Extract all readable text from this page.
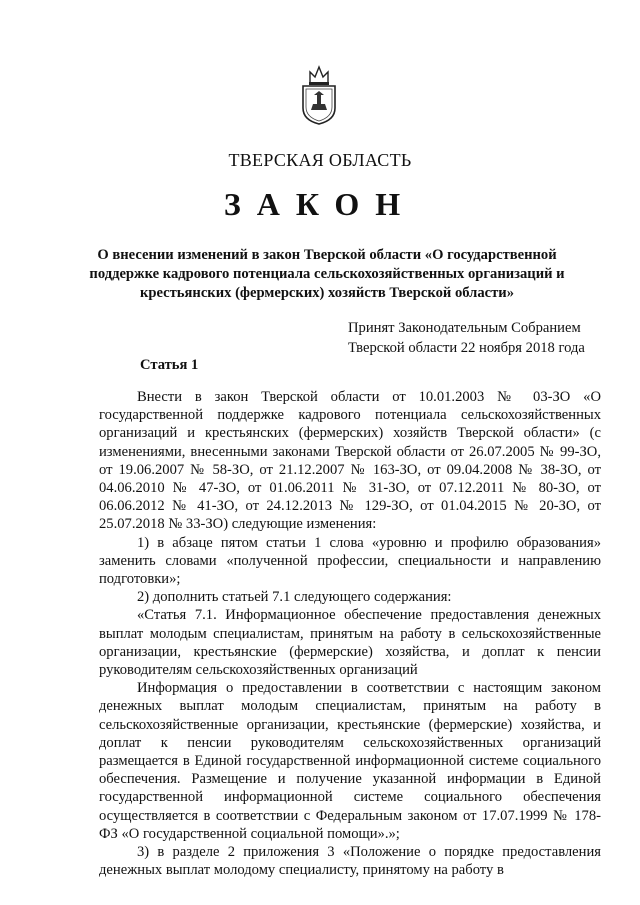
ТВЕРСКАЯ ОБЛАСТЬ
ЗАКОН
О внесении изменений в закон Тверской области «О государственной поддержке кадрового потенциала сельскохозяйственных организаций и крестьянских (фермерских) хозяйств Тверской области»
Принят Законодательным Собранием
Тверской области 22 ноября 2018 года
Статья 1

Внести в закон Тверской области от 10.01.2003 № 03-ЗО «О государственной поддержке кадрового потенциала сельскохозяйственных организаций и крестьянских (фермерских) хозяйств Тверской области» (с изменениями, внесенными законами Тверской области от 26.07.2005 № 99-ЗО, от 19.06.2007 № 58-ЗО, от 21.12.2007 № 163-ЗО, от 09.04.2008 № 38-ЗО, от 04.06.2010 № 47-ЗО, от 01.06.2011 № 31-ЗО, от 07.12.2011 № 80-ЗО, от 06.06.2012 № 41-ЗО, от 24.12.2013 № 129-ЗО, от 01.04.2015 № 20-ЗО, от 25.07.2018 № 33-ЗО) следующие изменения:

1) в абзаце пятом статьи 1 слова «уровню и профилю образования» заменить словами «полученной профессии, специальности и направлению подготовки»;

2) дополнить статьей 7.1 следующего содержания:

«Статья 7.1. Информационное обеспечение предоставления денежных выплат молодым специалистам, принятым на работу в сельскохозяйственные организации, крестьянские (фермерские) хозяйства, и доплат к пенсии руководителям сельскохозяйственных организаций

Информация о предоставлении в соответствии с настоящим законом денежных выплат молодым специалистам, принятым на работу в сельскохозяйственные организации, крестьянские (фермерские) хозяйства, и доплат к пенсии руководителям сельскохозяйственных организаций размещается в Единой государственной информационной системе социального обеспечения. Размещение и получение указанной информации в Единой государственной информационной системе социального обеспечения осуществляется в соответствии с Федеральным законом от 17.07.1999 № 178-ФЗ «О государственной социальной помощи».»;

3) в разделе 2 приложения 3 «Положение о порядке предоставления денежных выплат молодому специалисту, принятому на работу в
